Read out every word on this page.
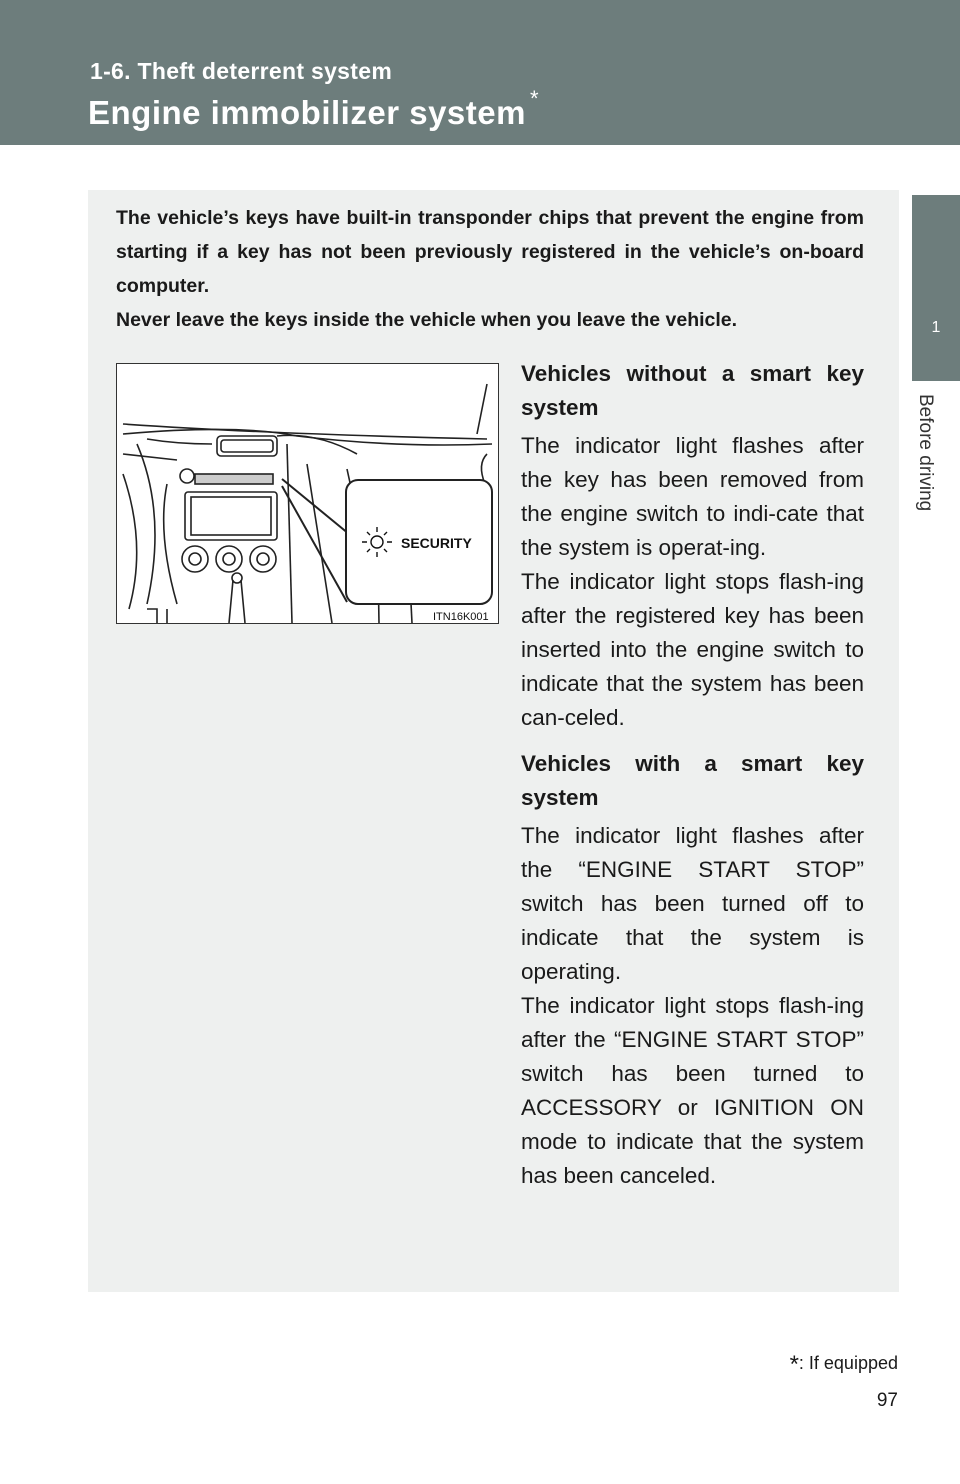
1-6. Theft deterrent system
Engine immobilizer system *
1
Before driving

The vehicle’s keys have built-in transponder chips that prevent the engine from starting if a key has not been previously registered in the vehicle’s on-board computer.

Never leave the keys inside the vehicle when you leave the vehicle.

SECURITY
ITN16K001
Vehicles without a smart key system

The indicator light flashes after the key has been removed from the engine switch to indi-cate that the system is operat-ing.

The indicator light stops flash-ing after the registered key has been inserted into the engine switch to indicate that the system has been can-celed.

Vehicles with a smart key system

The indicator light flashes after the “ENGINE START STOP” switch has been turned off to indicate that the system is operating.

The indicator light stops flash-ing after the “ENGINE START STOP” switch has been turned to ACCESSORY or IGNITION ON mode to indicate that the system has been canceled.

*: If equipped
97
